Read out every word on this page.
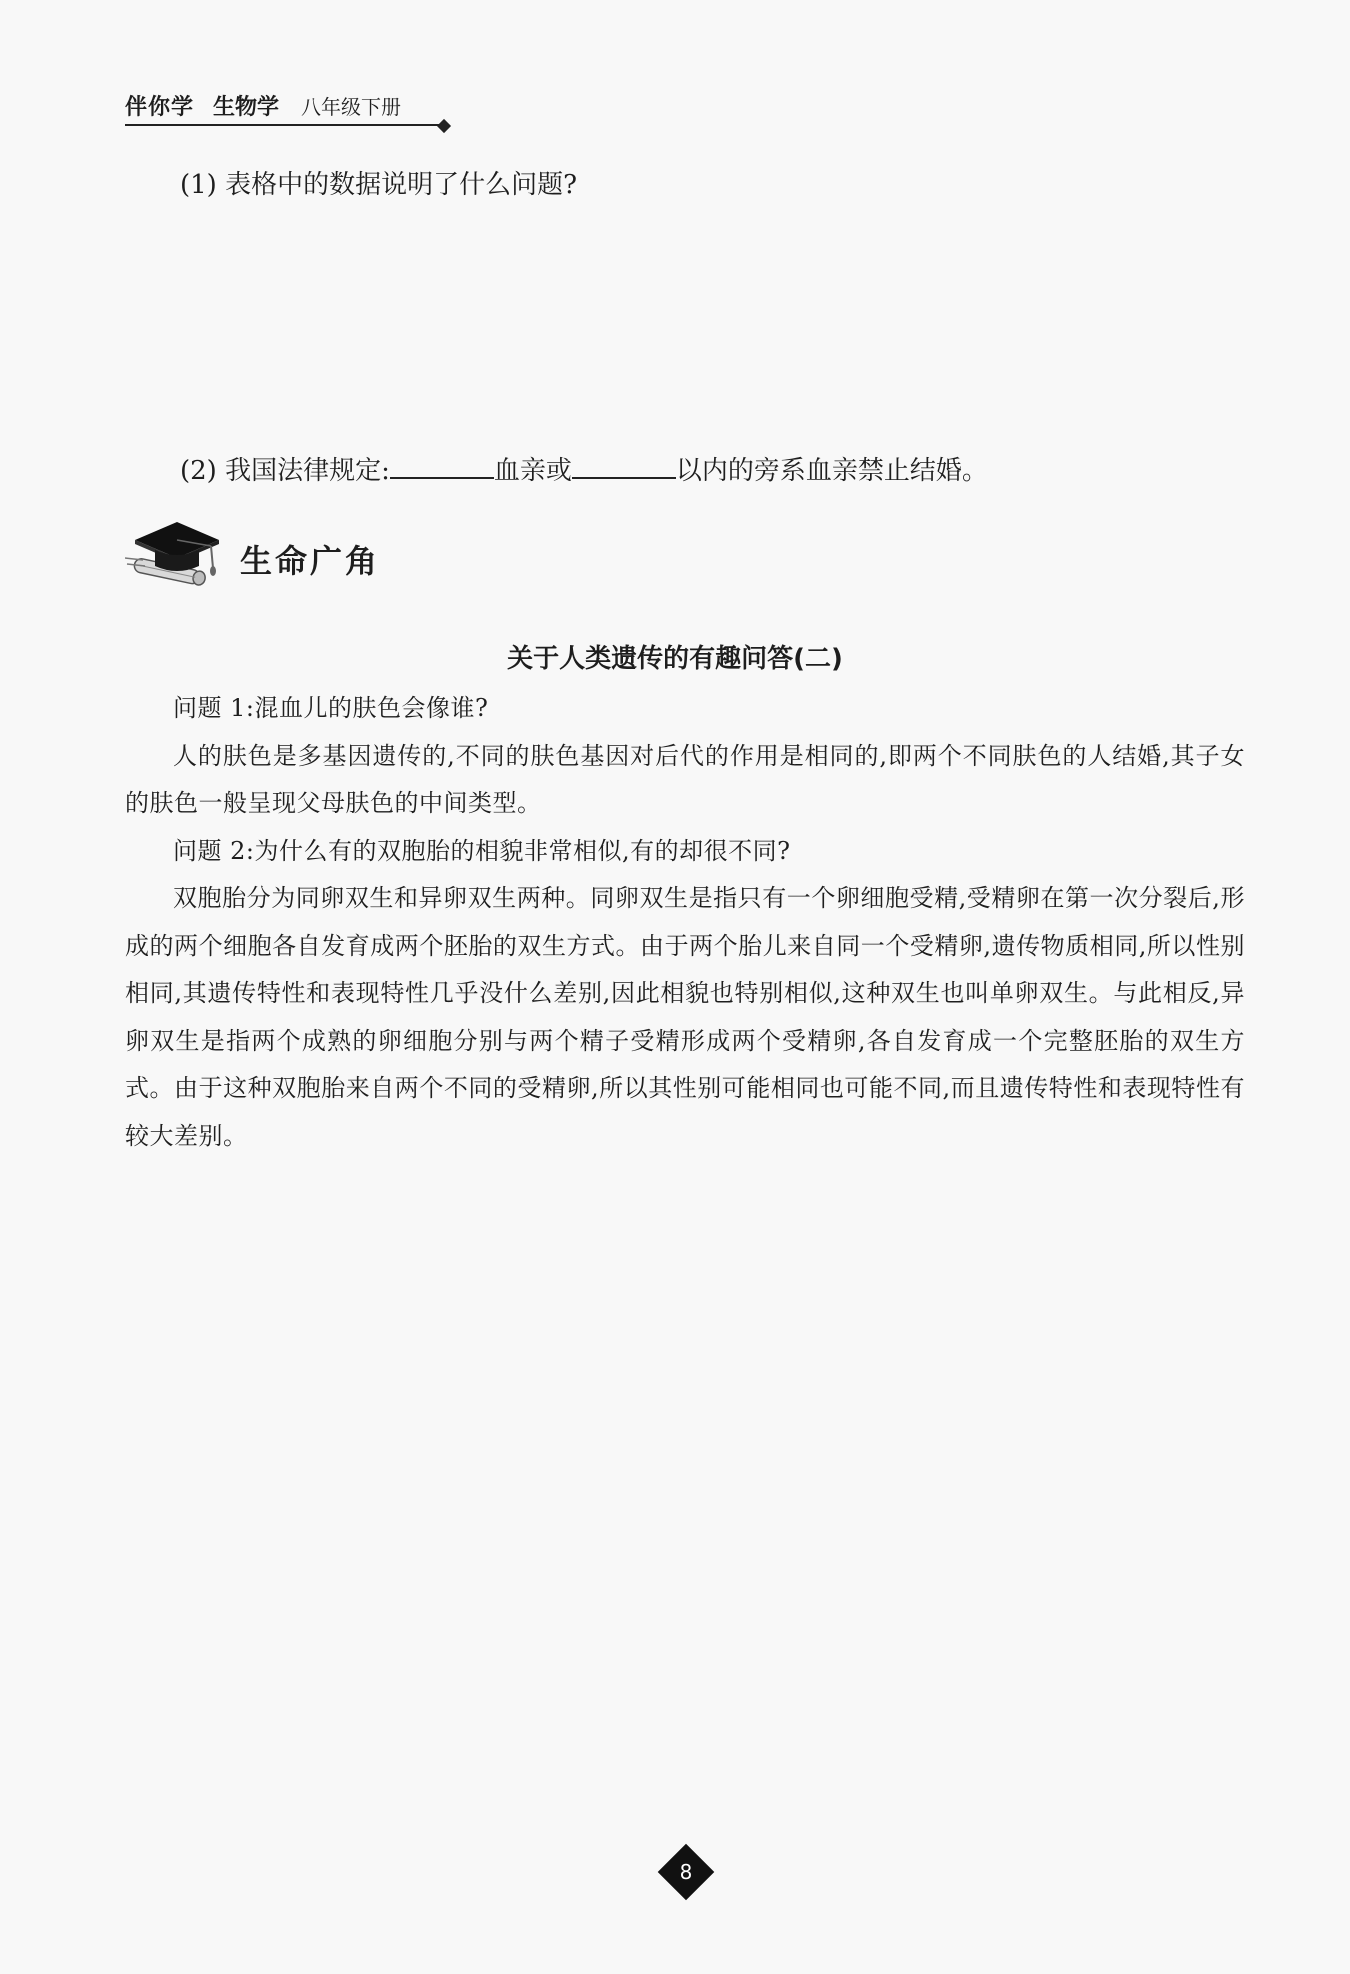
伴你学 生物学 八年级下册
(1) 表格中的数据说明了什么问题?
(2) 我国法律规定:	血亲或	以内的旁系血亲禁止结婚。
生命广角
关于人类遗传的有趣问答(二)

问题 1:混血儿的肤色会像谁?

人的肤色是多基因遗传的,不同的肤色基因对后代的作用是相同的,即两个不同肤色的人结婚,其子女的肤色一般呈现父母肤色的中间类型。

问题 2:为什么有的双胞胎的相貌非常相似,有的却很不同?

双胞胎分为同卵双生和异卵双生两种。同卵双生是指只有一个卵细胞受精,受精卵在第一次分裂后,形成的两个细胞各自发育成两个胚胎的双生方式。由于两个胎儿来自同一个受精卵,遗传物质相同,所以性别相同,其遗传特性和表现特性几乎没什么差别,因此相貌也特别相似,这种双生也叫单卵双生。与此相反,异卵双生是指两个成熟的卵细胞分别与两个精子受精形成两个受精卵,各自发育成一个完整胚胎的双生方式。由于这种双胞胎来自两个不同的受精卵,所以其性别可能相同也可能不同,而且遗传特性和表现特性有较大差别。

8
